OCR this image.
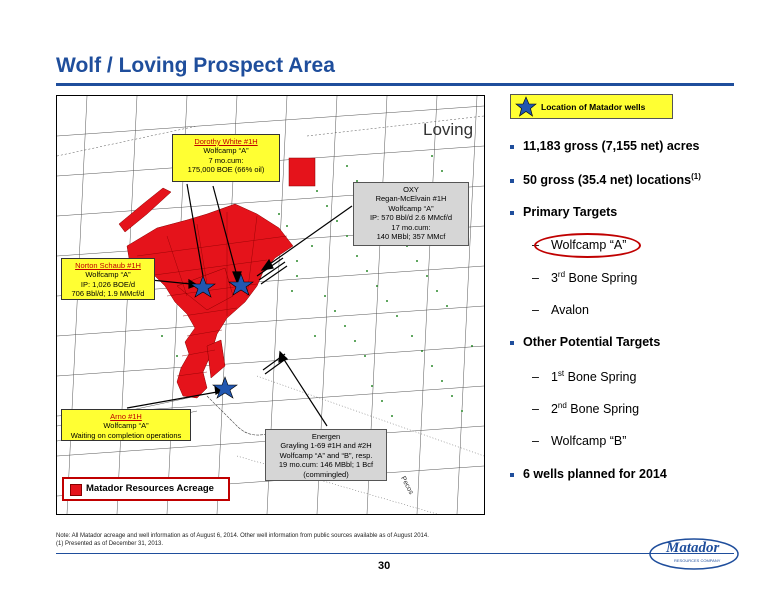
Wolf / Loving Prospect Area
Loving
Pecos
Dorothy White #1H
Wolfcamp “A”
7 mo.cum:
175,000 BOE (66% oil)
OXY
Regan-McElvain #1H
Wolfcamp “A”
IP: 570 Bbl/d 2.6 MMcf/d
17 mo.cum:
140 MBbl; 357 MMcf
Norton Schaub #1H
Wolfcamp “A”
IP: 1,026 BOE/d
706 Bbl/d; 1.9 MMcf/d
Arno #1H
Wolfcamp “A”
Waiting on completion operations	Energen
Grayling 1-69 #1H and #2H
Wolfcamp “A” and “B”, resp.
19 mo.cum: 146 MBbl; 1 Bcf
(commingled)
Matador Resources Acreage
Location of Matador wells
11,183 gross (7,155 net) acres
50 gross (35.4 net) locations$^{(1)}$
Primary Targets
– Wolfcamp “A”
– 3rd Bone Spring
– Avalon
Other Potential Targets
– 1st Bone Spring
– 2nd Bone Spring
– Wolfcamp “B”
6 wells planned for 2014
Note: All Matador acreage and well information as of August 6, 2014. Other well information from public sources available as of August 2014.
(1) Presented as of December 31, 2013.
30
Matador
RESOURCES COMPANY
